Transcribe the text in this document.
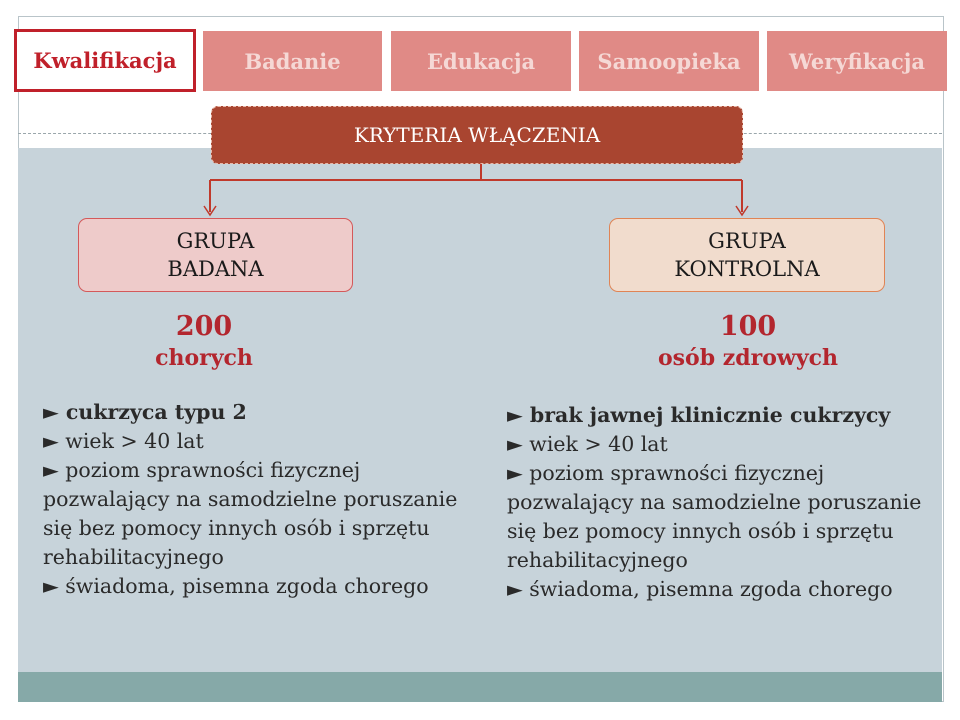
Kwalifikacja	Badanie	Edukacja	Samoopieka	Weryfikacja
KRYTERIA WŁĄCZENIA
GRUPA
BADANA
200
chorych
► cukrzyca typu 2
► wiek > 40 lat
► poziom sprawności fizycznej
pozwalający na samodzielne poruszanie
się bez pomocy innych osób i sprzętu
rehabilitacyjnego
► świadoma, pisemna zgoda chorego
GRUPA
KONTROLNA
100
osób zdrowych
► brak jawnej klinicznie cukrzycy
► wiek > 40 lat
► poziom sprawności fizycznej
pozwalający na samodzielne poruszanie
się bez pomocy innych osób i sprzętu
rehabilitacyjnego
► świadoma, pisemna zgoda chorego
